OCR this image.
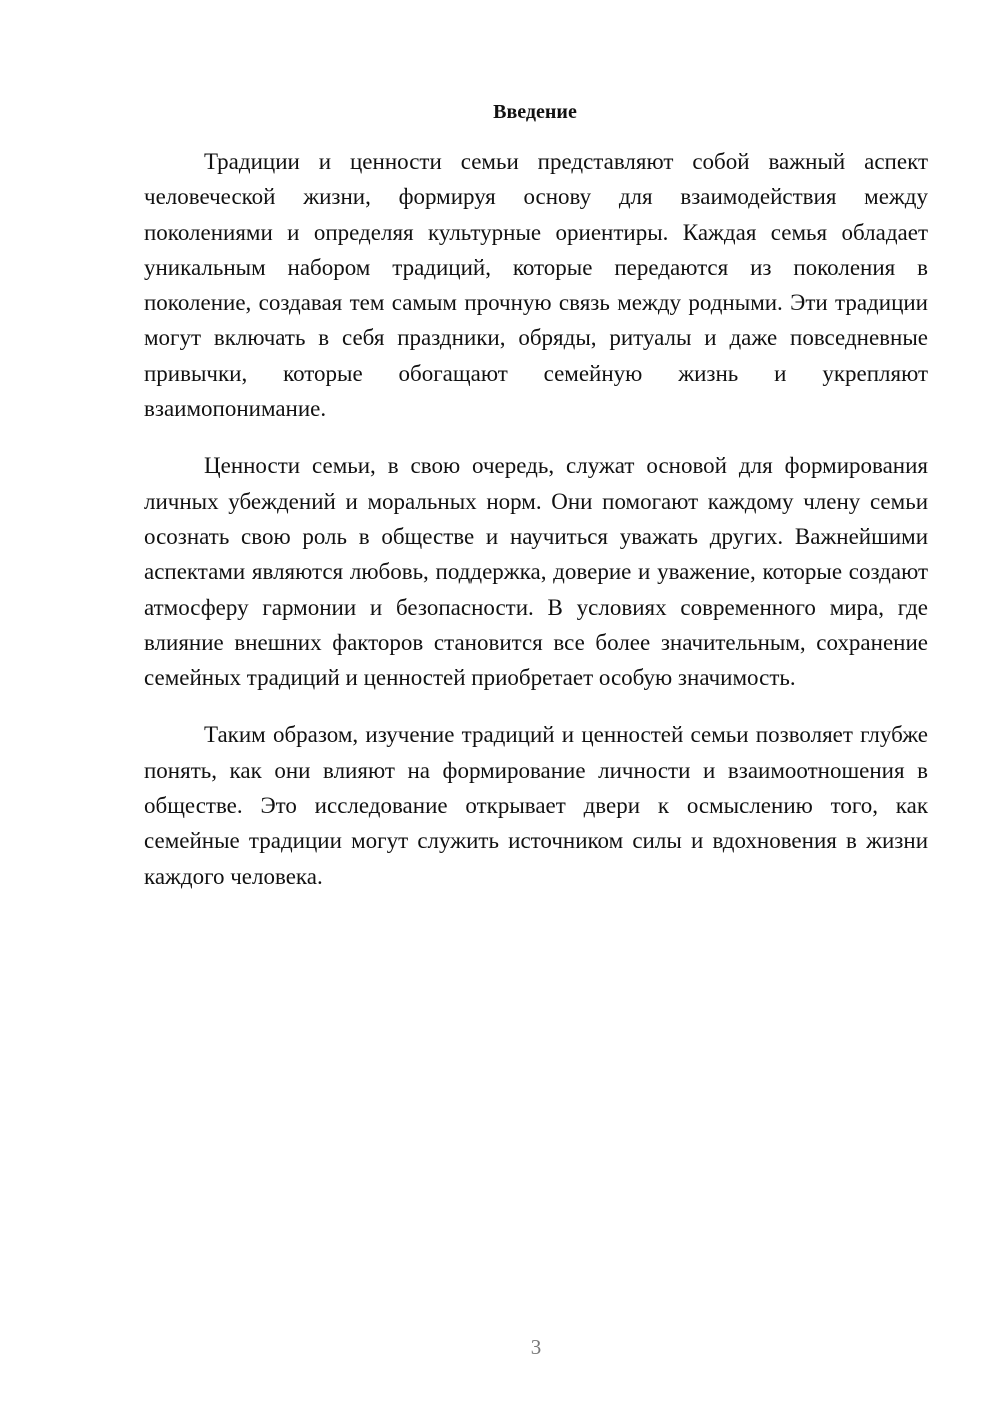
Введение

Традиции и ценности семьи представляют собой важный аспект человеческой жизни, формируя основу для взаимодействия между поколениями и определяя культурные ориентиры. Каждая семья обладает уникальным набором традиций, которые передаются из поколения в поколение, создавая тем самым прочную связь между родными. Эти традиции могут включать в себя праздники, обряды, ритуалы и даже повседневные привычки, которые обогащают семейную жизнь и укрепляют взаимопонимание.

Ценности семьи, в свою очередь, служат основой для формирования личных убеждений и моральных норм. Они помогают каждому члену семьи осознать свою роль в обществе и научиться уважать других. Важнейшими аспектами являются любовь, поддержка, доверие и уважение, которые создают атмосферу гармонии и безопасности. В условиях современного мира, где влияние внешних факторов становится все более значительным, сохранение семейных традиций и ценностей приобретает особую значимость.

Таким образом, изучение традиций и ценностей семьи позволяет глубже понять, как они влияют на формирование личности и взаимоотношения в обществе. Это исследование открывает двери к осмыслению того, как семейные традиции могут служить источником силы и вдохновения в жизни каждого человека.

3
